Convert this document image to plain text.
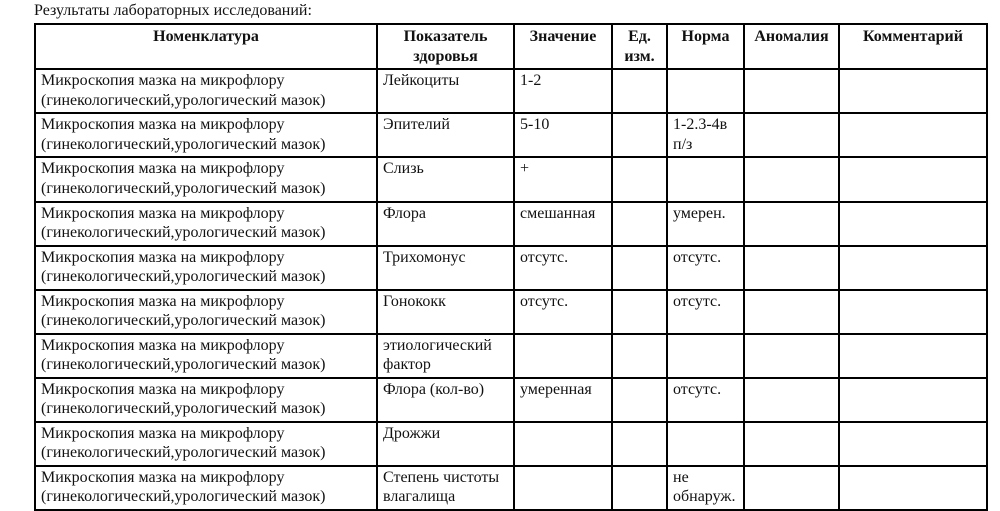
Результаты лабораторных исследований:
Номенклатура	Показатель здоровья	Значение	Ед. изм.	Норма	Аномалия	Комментарий
Микроскопия мазка на микрофлору (гинекологический,урологический мазок)	Лейкоциты	1-2				
Микроскопия мазка на микрофлору (гинекологический,урологический мазок)	Эпителий	5-10		1-2.3-4в п/з		
Микроскопия мазка на микрофлору (гинекологический,урологический мазок)	Слизь	+				
Микроскопия мазка на микрофлору (гинекологический,урологический мазок)	Флора	смешанная		умерен.		
Микроскопия мазка на микрофлору (гинекологический,урологический мазок)	Трихомонус	отсутс.		отсутс.		
Микроскопия мазка на микрофлору (гинекологический,урологический мазок)	Гонококк	отсутс.		отсутс.		
Микроскопия мазка на микрофлору (гинекологический,урологический мазок)	этиологический фактор					
Микроскопия мазка на микрофлору (гинекологический,урологический мазок)	Флора (кол-во)	умеренная		отсутс.		
Микроскопия мазка на микрофлору (гинекологический,урологический мазок)	Дрожжи					
Микроскопия мазка на микрофлору (гинекологический,урологический мазок)	Степень чистоты влагалища			не обнаруж.		
